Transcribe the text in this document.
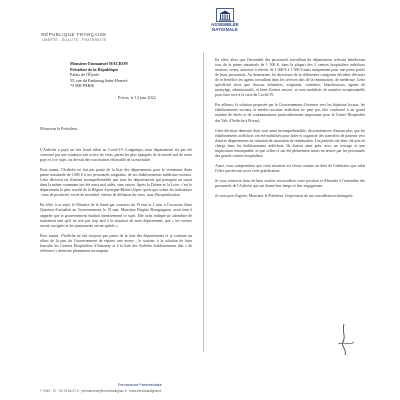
RÉPUBLIQUE FRANÇAISE
LIBERTÉ - ÉGALITÉ - FRATERNITÉ
ASSEMBLÉE
NATIONALE
Monsieur Emmanuel MACRON
Président de la République
Palais de l'Élysée
55, rue du Faubourg Saint-Honoré
75 008 PARIS
Privas, le 14 juin 2022
Monsieur le Président,

L'Ardèche a payé un très lourd tribut au Covid-19. Longtemps, mon département n'a pas été concerné par une situation très active du virus, parmi les plus épargnés de la moitié sud de notre pays et à ce sujet, on devrait des vaccination effrayable de sa mortalité.

Pour autant, l'Ardèche ne fait pas partie de la liste des départements pour le versement d'une prime maximale de 1500 € à ses personnels soignants, de ses établissements médicaux-sociaux. Cette décision est d'autant incompréhensible que tous les départements qui partagent un statut dans la même commune ont été aussi mal aidés, sans raison. Après la Drôme et la Loire, c'est le département le plus touché de la Région Auvergne-Rhône-Alpes, quels que soient les indicateurs : taux de positivité, excès de mortalité, vitesse de diffusion du virus, taux d'hospitalisation.

En effet, à ce sujet, le Ministre de la Santé par courriers du 19 mai et 2 juin, à l'occasion d'une Question d'actualité au Gouvernement, le 19 mai. Monsieur Brigitte Bourguignon, avait tenu à rappeler que le gouvernement étudiait attentivement ce sujet. Elle avait indiqué un calendrier de traitement tant qu'il ne soit pas trop tard à la situation de mon département, que « les erreurs seront corrigées et les ajustements seront opérés ».

Pour autant, l'Ardèche ne fait toujours pas partie de la liste des départements et je constate un effort de la part du Gouvernement de réparer une erreur ; le soutien, à la solution de faire basculer les Centres Hospitaliers d'Annonay et à la liste des Ardèche établissements dits « de référence » demeure pleinement incomprise.

En effet, alors que l'ensemble des personnels travaillant du département relevant bénéficiant tous de la prime maximale de 1 500 €, dans la plupart des 3 centres hospitaliers ardéchois seraient, certes, autoriser à relever de 1 000 € à 1 500 € mais uniquement pour une petite partie de leurs personnels. Au demeurant, les directeurs de la différentes catégories décident d'écarter de ce bénéfice les agents travaillant dans les services dits de la réanimation, de médecine. Cette spécificité alors que chacun, infirmiers, soignants, cuisiniers, blanchisseurs, agents de nettoyage, administratifs, et bien d'autres encore, se sont mobilisés de manière exceptionnelle pour faire face à la crise du Covid-19.

Par ailleurs, la solution proposée par le Gouvernement d'orienter vers les hôpitaux locaux, les établissements sociaux et médico-sociaux ardéchois ne peut pas être confronté à un grand nombre de décès et de contaminations particulièrement importante pour le Centre Hospitalier des Vals d'Ardèche à Privas).

Cette décision demeure donc tout aussi incompréhensible, discriminatoire d'autant plus que les établissements ardéchois ont été mobilisés pour aider et organiser des transferts de patients vers d'autres départements en situation de saturation de réanimation. Les patients ont donc été pris en charge dans les établissements ardéchois. Ils étaient ainsi près, avec un courage et une implication remarquable, et que celles-ci ont été pleinement mises en œuvre par les personnels des grands centres hospitaliers.

Aussi, vous comprendrez que cette situation est vécue comme un déni de l'arbitraire que subit l'effet que devrait avoir cette gratification.

Je vous remercie donc de bien vouloir reconsidérer votre position et d'étendre à l'ensemble des personnels de l'Ardèche qui ont donné leur temps et leur engagement.

Je vous prie d'agréer, Monsieur le Président, l'expression de ma considération distinguée.

Permanence Parlementaire
7, RN3 · 07 · 04 75 64 27 4 · permanence@hervesaulignac.fr · www.hervesaulignac.fr
